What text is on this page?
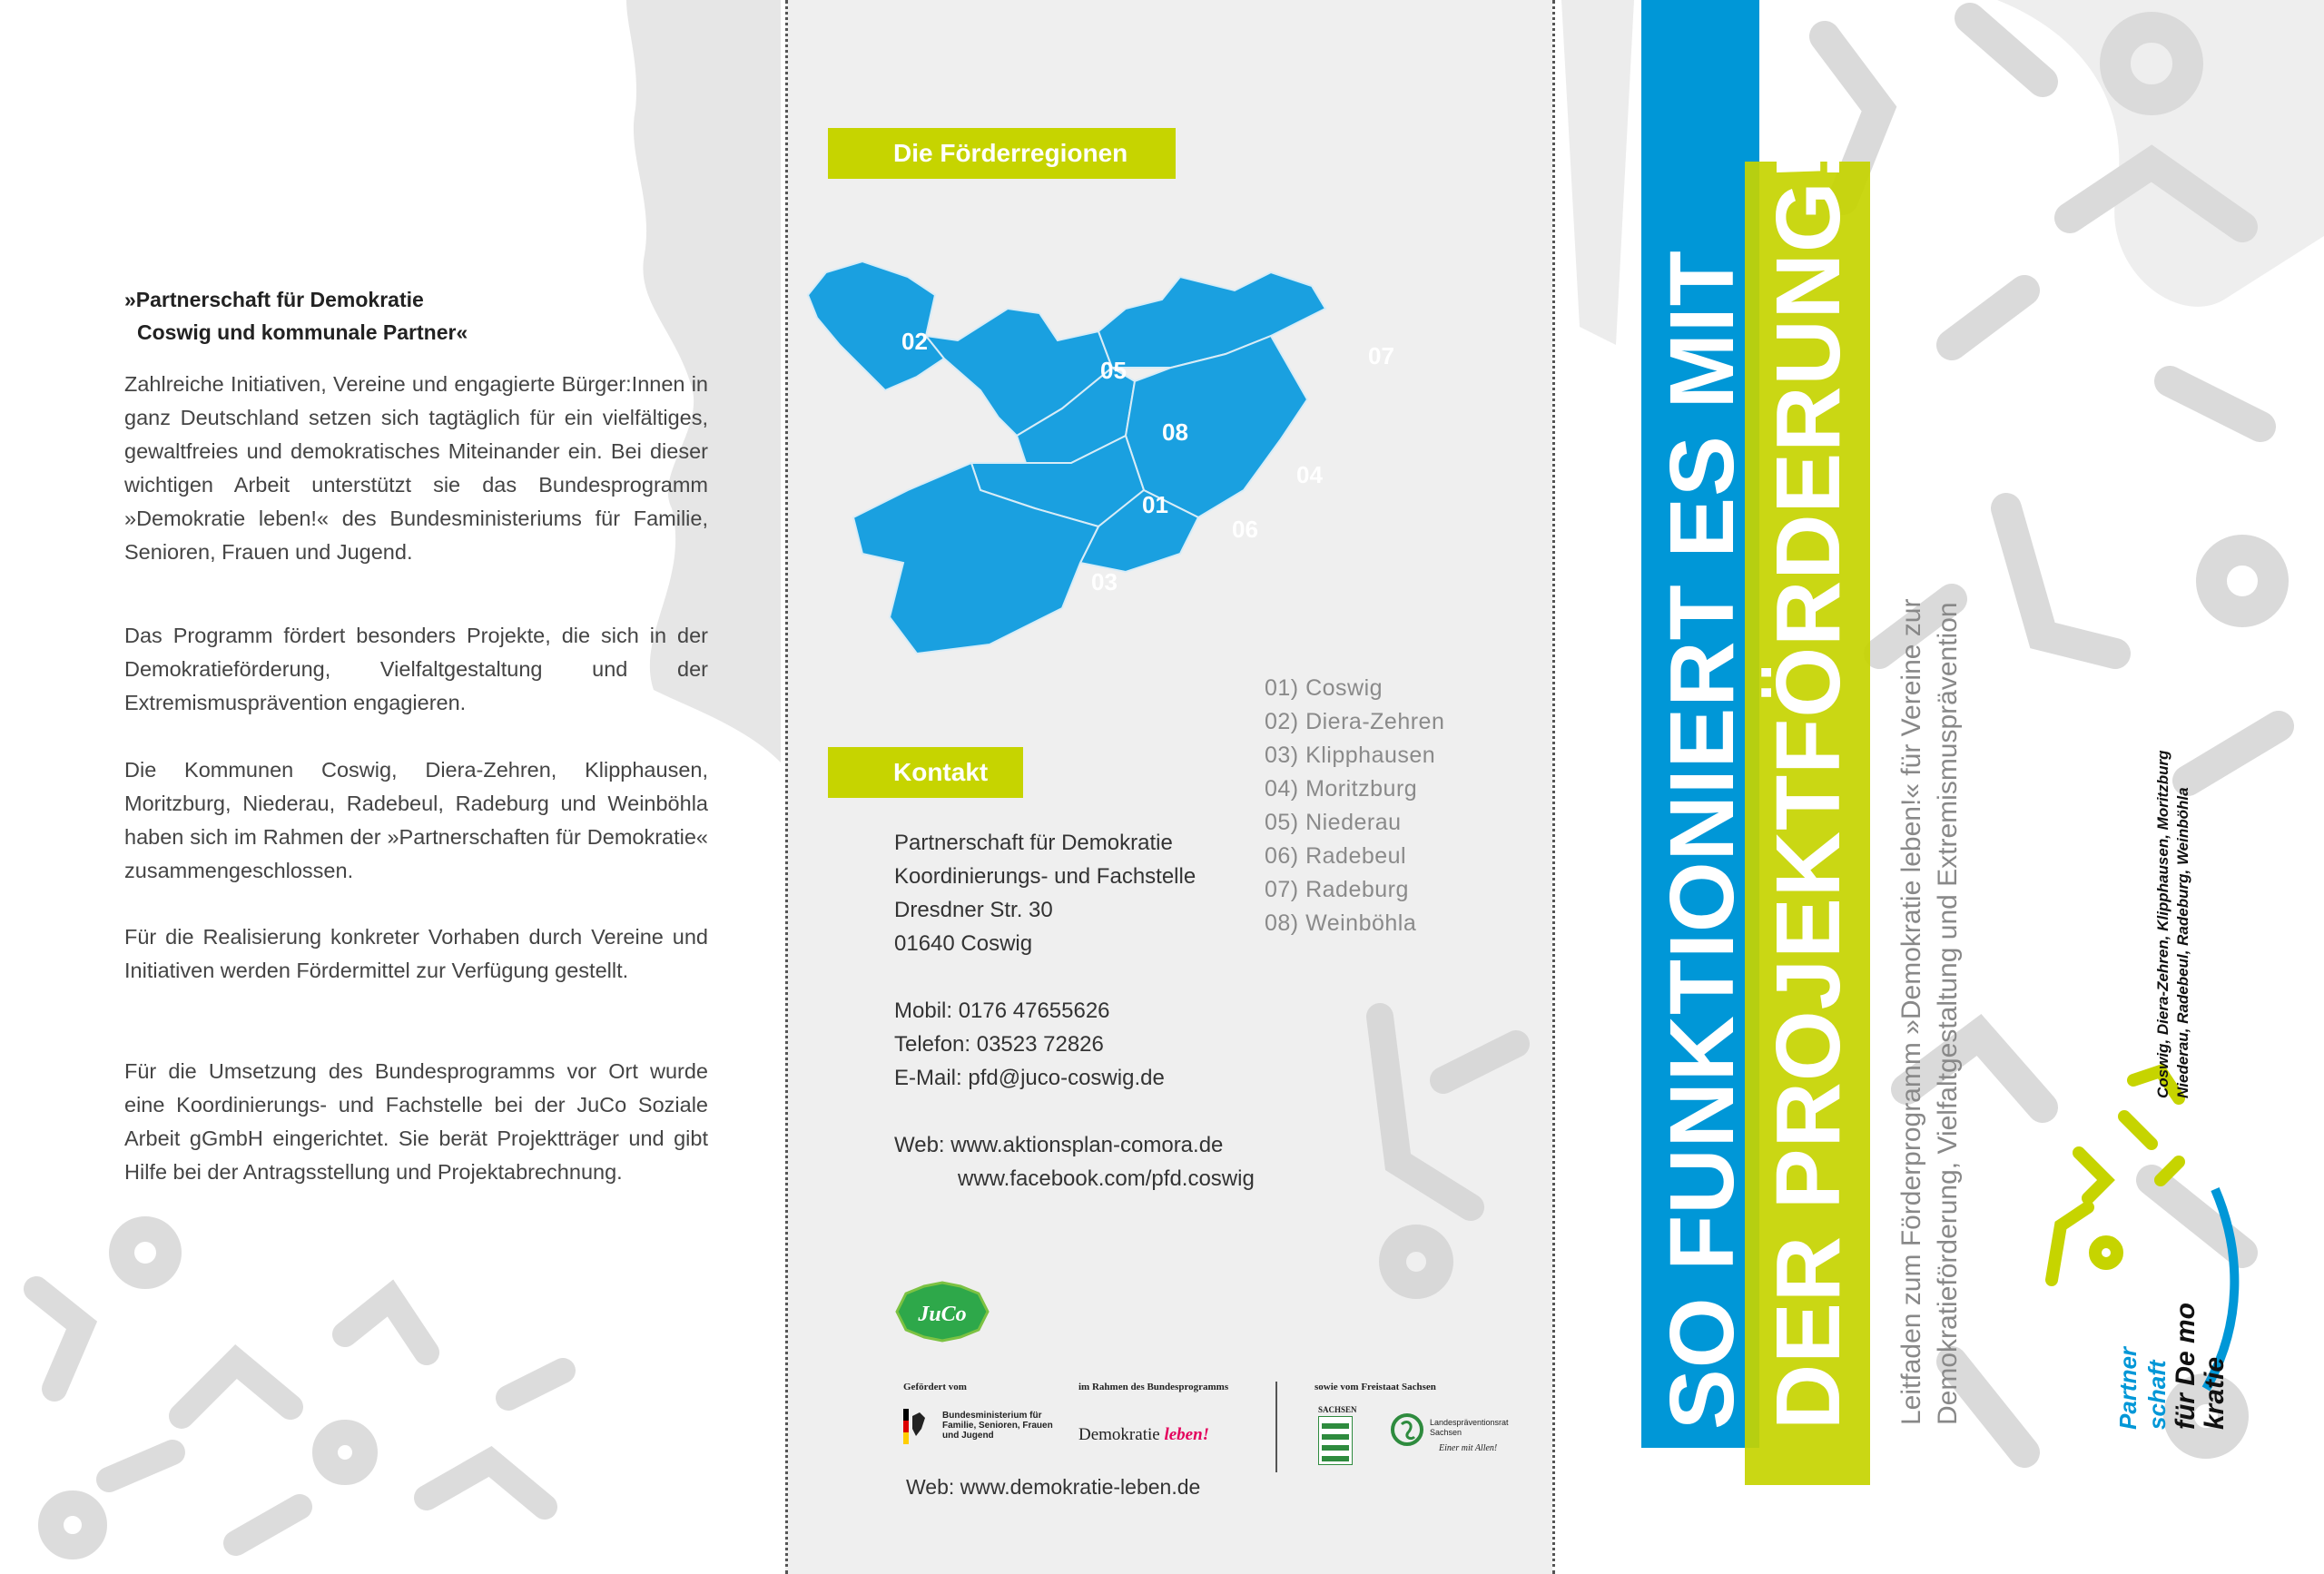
»Partnerschaft für Demokratie
Coswig und kommunale Partner«

Zahlreiche Initiativen, Vereine und engagierte Bürger:Innen in ganz Deutschland setzen sich tagtäglich für ein vielfältiges, gewaltfreies und demokratisches Miteinander ein. Bei dieser wichtigen Arbeit unterstützt sie das Bundesprogramm »Demokratie leben!« des Bundesministeriums für Familie, Senioren, Frauen und Jugend.

Das Programm fördert besonders Projekte, die sich in der Demokratieförderung, Vielfaltgestaltung und der Extremismusprävention engagieren.

Die Kommunen Coswig, Diera-Zehren, Klipphausen, Moritzburg, Niederau, Radebeul, Radeburg und Weinböhla haben sich im Rahmen der »Partnerschaften für Demokratie« zusammengeschlossen.

Für die Realisierung konkreter Vorhaben durch Vereine und Initiativen werden Fördermittel zur Verfügung gestellt.

Für die Umsetzung des Bundesprogramms vor Ort wurde eine Koordinierungs- und Fachstelle bei der JuCo Soziale Arbeit gGmbH eingerichtet. Sie berät Projektträger und gibt Hilfe bei der Antragsstellung und Projektabrechnung.

Die Förderregionen
02
05
07
08
04
01
06
03
01) Coswig
02) Diera-Zehren
03) Klipphausen
04) Moritzburg
05) Niederau
06) Radebeul
07) Radeburg
08) Weinböhla
Kontakt
Partnerschaft für Demokratie
Koordinierungs- und Fachstelle
Dresdner Str. 30
01640 Coswig
Mobil: 0176 47655626
Telefon: 03523 72826
E-Mail: pfd@juco-coswig.de
Web: www.aktionsplan-comora.de
www.facebook.com/pfd.coswig
JuCo
Gefördert vom
Bundesministerium für Familie, Senioren, Frauen und Jugend
im Rahmen des Bundesprogramms
Demokratie leben!
sowie vom Freistaat Sachsen
SACHSEN
Landespräventionsrat Sachsen
Einer mit Allen!
Web: www.demokratie-leben.de
SO FUNKTIONIERT ES MIT DER PROJEKTFÖRDERUNG! Leitfaden zum Förderprogramm »Demokratie leben!« für Vereine zur Demokratieförderung, Vielfaltgestaltung und Extremismusprävention	Partner schaft für De mo kratie
Coswig, Diera-Zehren, Klipphausen, Moritzburg Niederau, Radebeul, Radeburg, Weinböhla
